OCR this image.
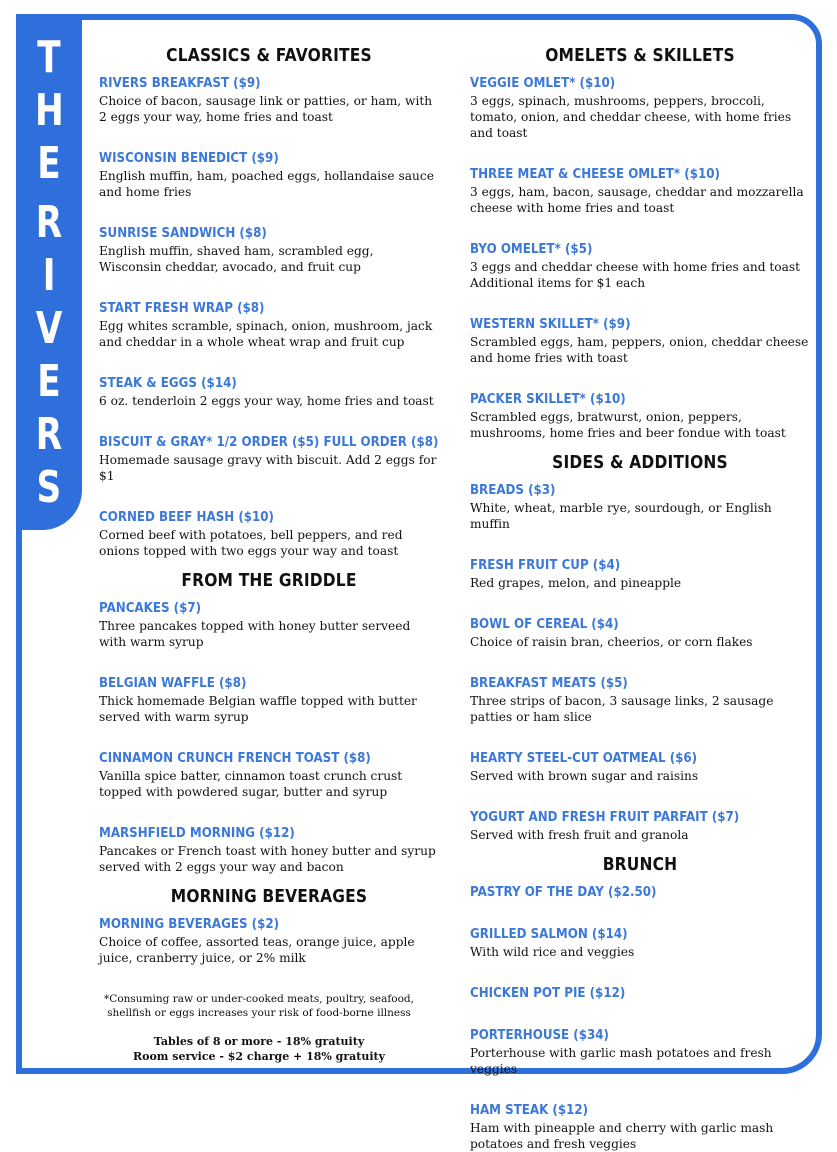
T
H
E
R
I
V
E
R
S
CLASSICS & FAVORITES
RIVERS BREAKFAST ($9)
Choice of bacon, sausage link or patties, or ham, with 2 eggs your way, home fries and toast
WISCONSIN BENEDICT ($9)
English muffin, ham, poached eggs, hollandaise sauce and home fries
SUNRISE SANDWICH ($8)
English muffin, shaved ham, scrambled egg, Wisconsin cheddar, avocado, and fruit cup
START FRESH WRAP ($8)
Egg whites scramble, spinach, onion, mushroom, jack and cheddar in a whole wheat wrap and fruit cup
STEAK & EGGS ($14)
6 oz. tenderloin 2 eggs your way, home fries and toast
BISCUIT & GRAY* 1/2 ORDER ($5) FULL ORDER ($8)
Homemade sausage gravy with biscuit. Add 2 eggs for $1
CORNED BEEF HASH ($10)
Corned beef with potatoes, bell peppers, and red onions topped with two eggs your way and toast
FROM THE GRIDDLE
PANCAKES ($7)
Three pancakes topped with honey butter serveed with warm syrup
BELGIAN WAFFLE ($8)
Thick homemade Belgian waffle topped with butter served with warm syrup
CINNAMON CRUNCH FRENCH TOAST ($8)
Vanilla spice batter, cinnamon toast crunch crust topped with powdered sugar, butter and syrup
MARSHFIELD MORNING ($12)
Pancakes or French toast with honey butter and syrup served with 2 eggs your way and bacon
MORNING BEVERAGES
MORNING BEVERAGES ($2)
Choice of coffee, assorted teas, orange juice, apple juice, cranberry juice, or 2% milk
*Consuming raw or under-cooked meats, poultry, seafood, shellfish or eggs increases your risk of food-borne illness
Tables of 8 or more - 18% gratuity
Room service - $2 charge + 18% gratuity
OMELETS & SKILLETS
VEGGIE OMLET* ($10)
3 eggs, spinach, mushrooms, peppers, broccoli, tomato, onion, and cheddar cheese, with home fries and toast
THREE MEAT & CHEESE OMLET* ($10)
3 eggs, ham, bacon, sausage, cheddar and mozzarella cheese with home fries and toast
BYO OMELET* ($5)
3 eggs and cheddar cheese with home fries and toast Additional items for $1 each
WESTERN SKILLET* ($9)
Scrambled eggs, ham, peppers, onion, cheddar cheese and home fries with toast
PACKER SKILLET* ($10)
Scrambled eggs, bratwurst, onion, peppers, mushrooms, home fries and beer fondue with toast
SIDES & ADDITIONS
BREADS ($3)
White, wheat, marble rye, sourdough, or English muffin
FRESH FRUIT CUP ($4)
Red grapes, melon, and pineapple
BOWL OF CEREAL ($4)
Choice of raisin bran, cheerios, or corn flakes
BREAKFAST MEATS ($5)
Three strips of bacon, 3 sausage links, 2 sausage patties or ham slice
HEARTY STEEL-CUT OATMEAL ($6)
Served with brown sugar and raisins
YOGURT AND FRESH FRUIT PARFAIT ($7)
Served with fresh fruit and granola
BRUNCH
PASTRY OF THE DAY ($2.50)
GRILLED SALMON ($14)
With wild rice and veggies
CHICKEN POT PIE ($12)
PORTERHOUSE ($34)
Porterhouse with garlic mash potatoes and fresh veggies
HAM STEAK ($12)
Ham with pineapple and cherry with garlic mash potatoes and fresh veggies
